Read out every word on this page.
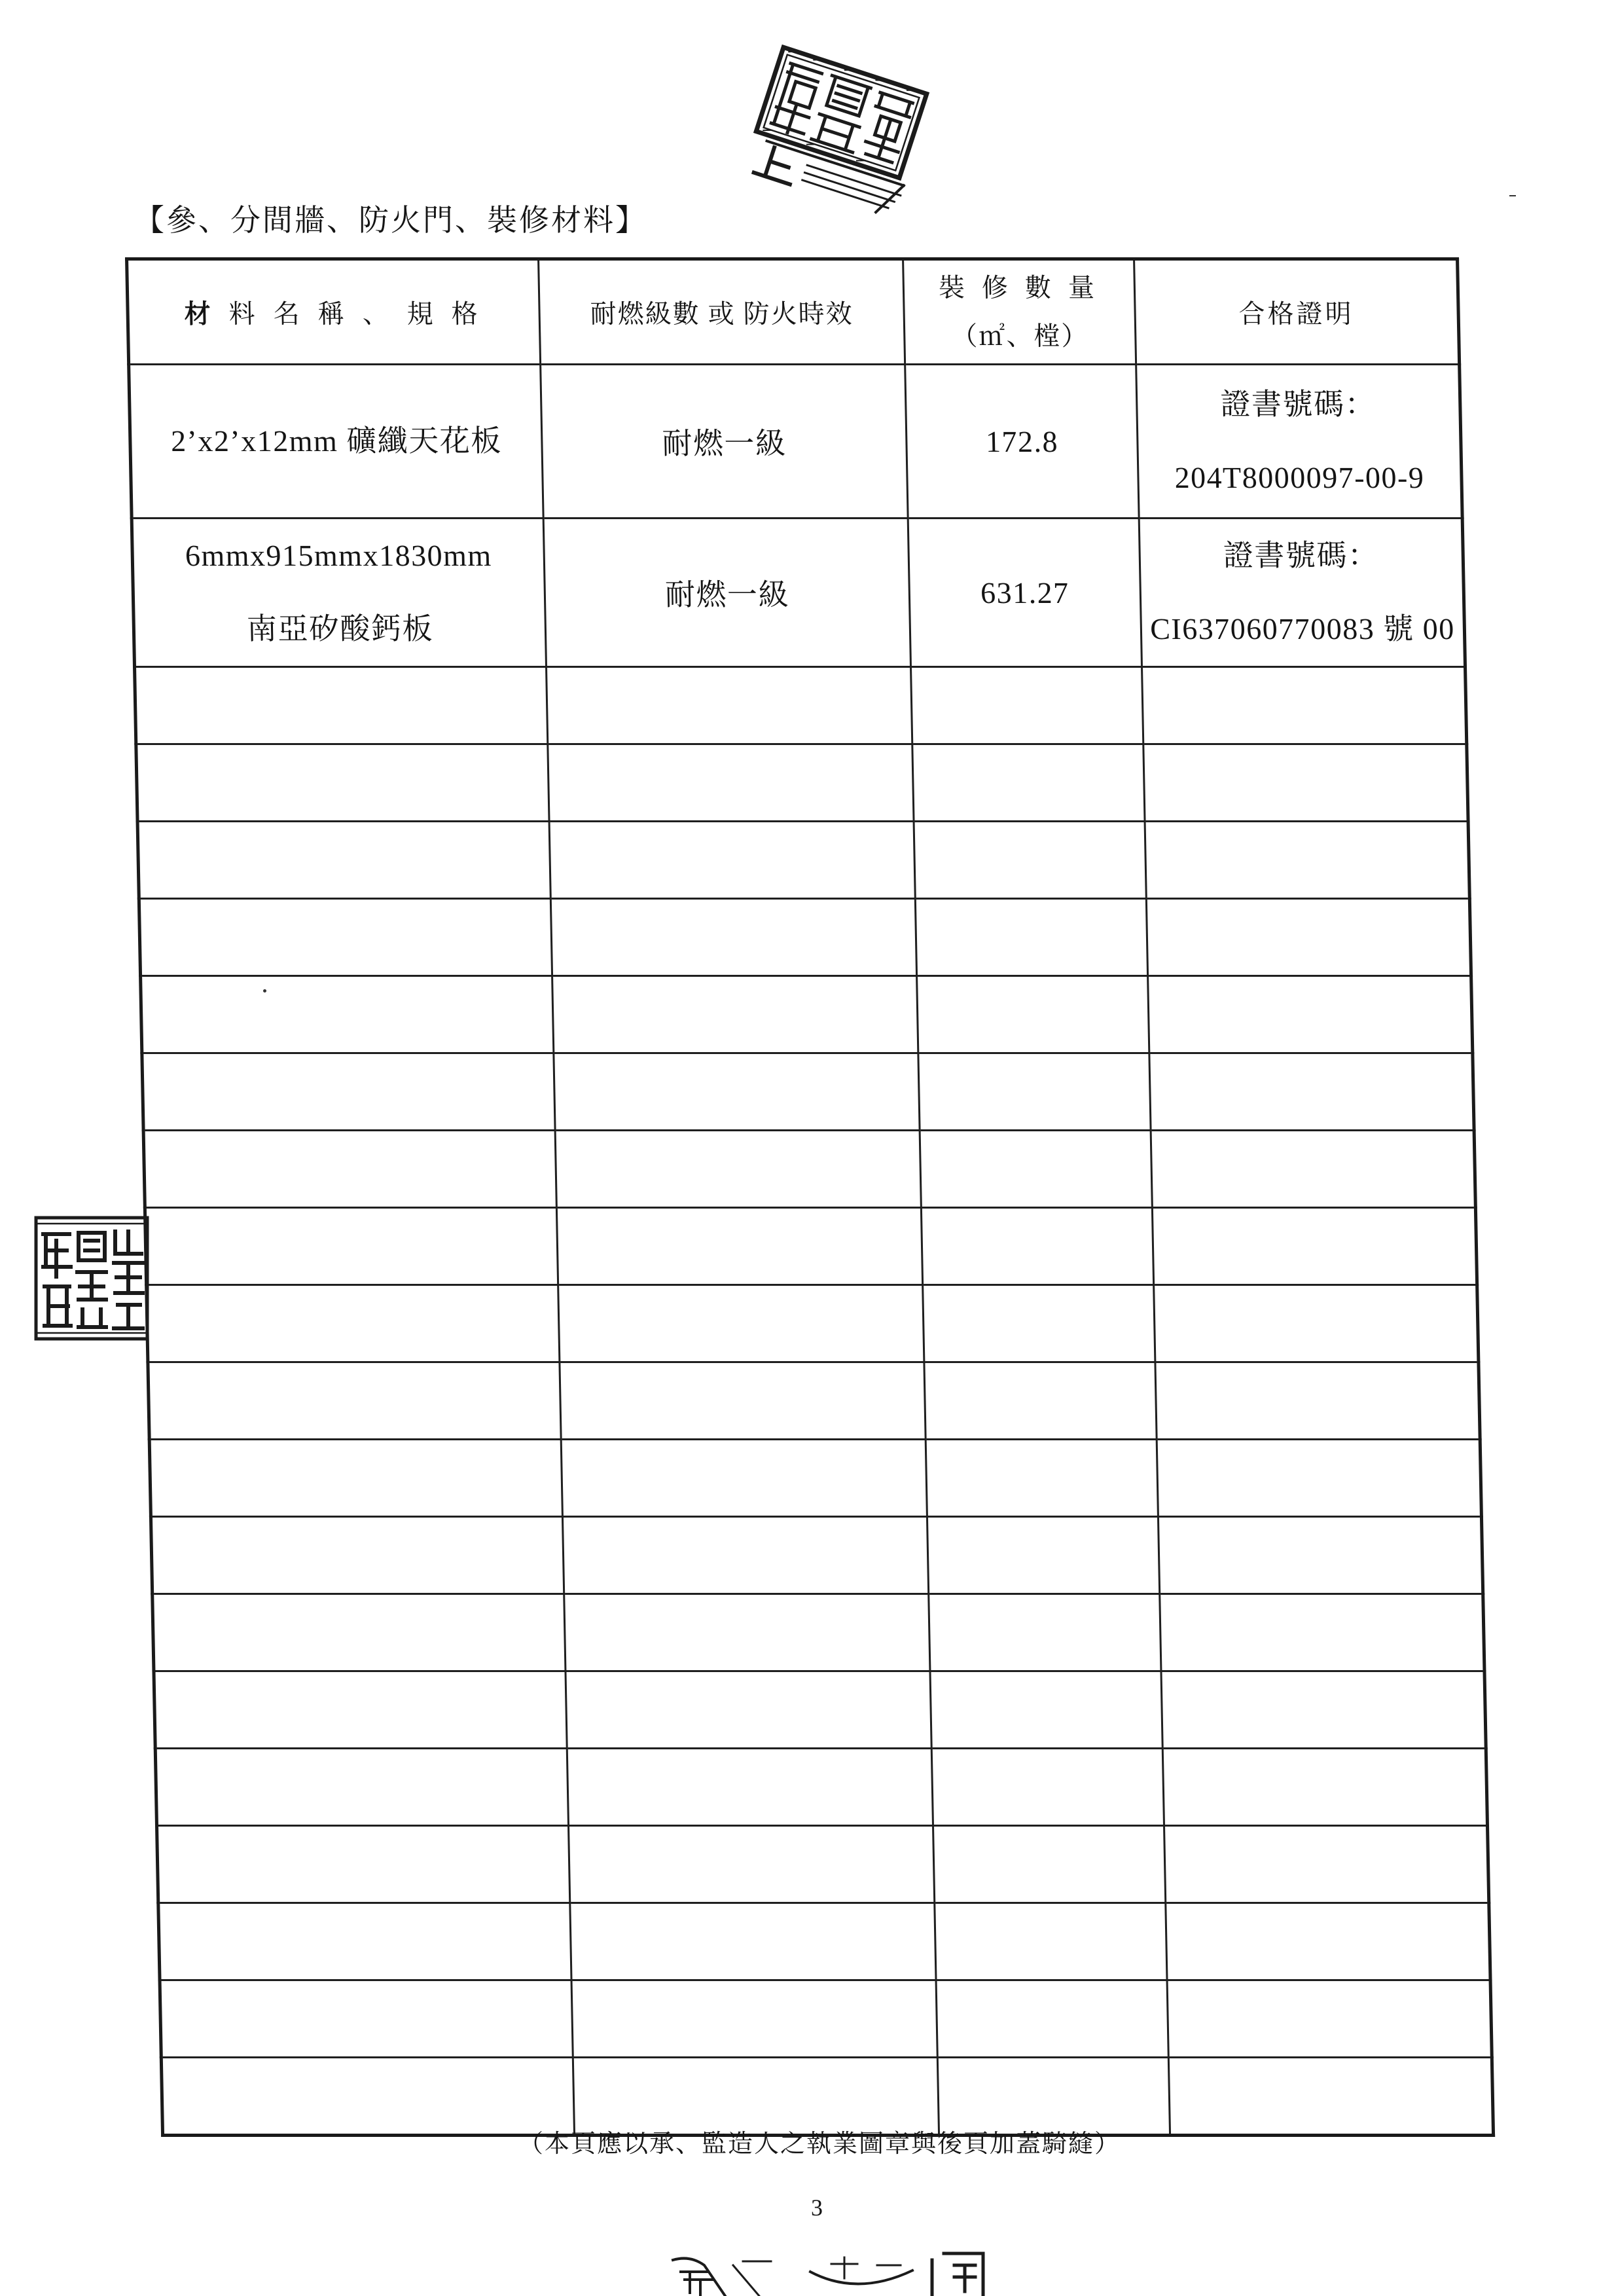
【參、分間牆、防火門、裝修材料】
材 料 名 稱 、 規 格	耐燃級數 或 防火時效	裝 修 數 量
（㎡、樘）	合格證明

2’x2’x12mm 礦纖天花板	耐燃一級	172.8	證書號碼：
204T8000097-00-9

6mmx915mmx1830mm
南亞矽酸鈣板	耐燃一級	631.27	證書號碼：
CI637060770083 號 00

（本頁應以承、監造人之執業圖章與後頁加蓋騎縫）
3
